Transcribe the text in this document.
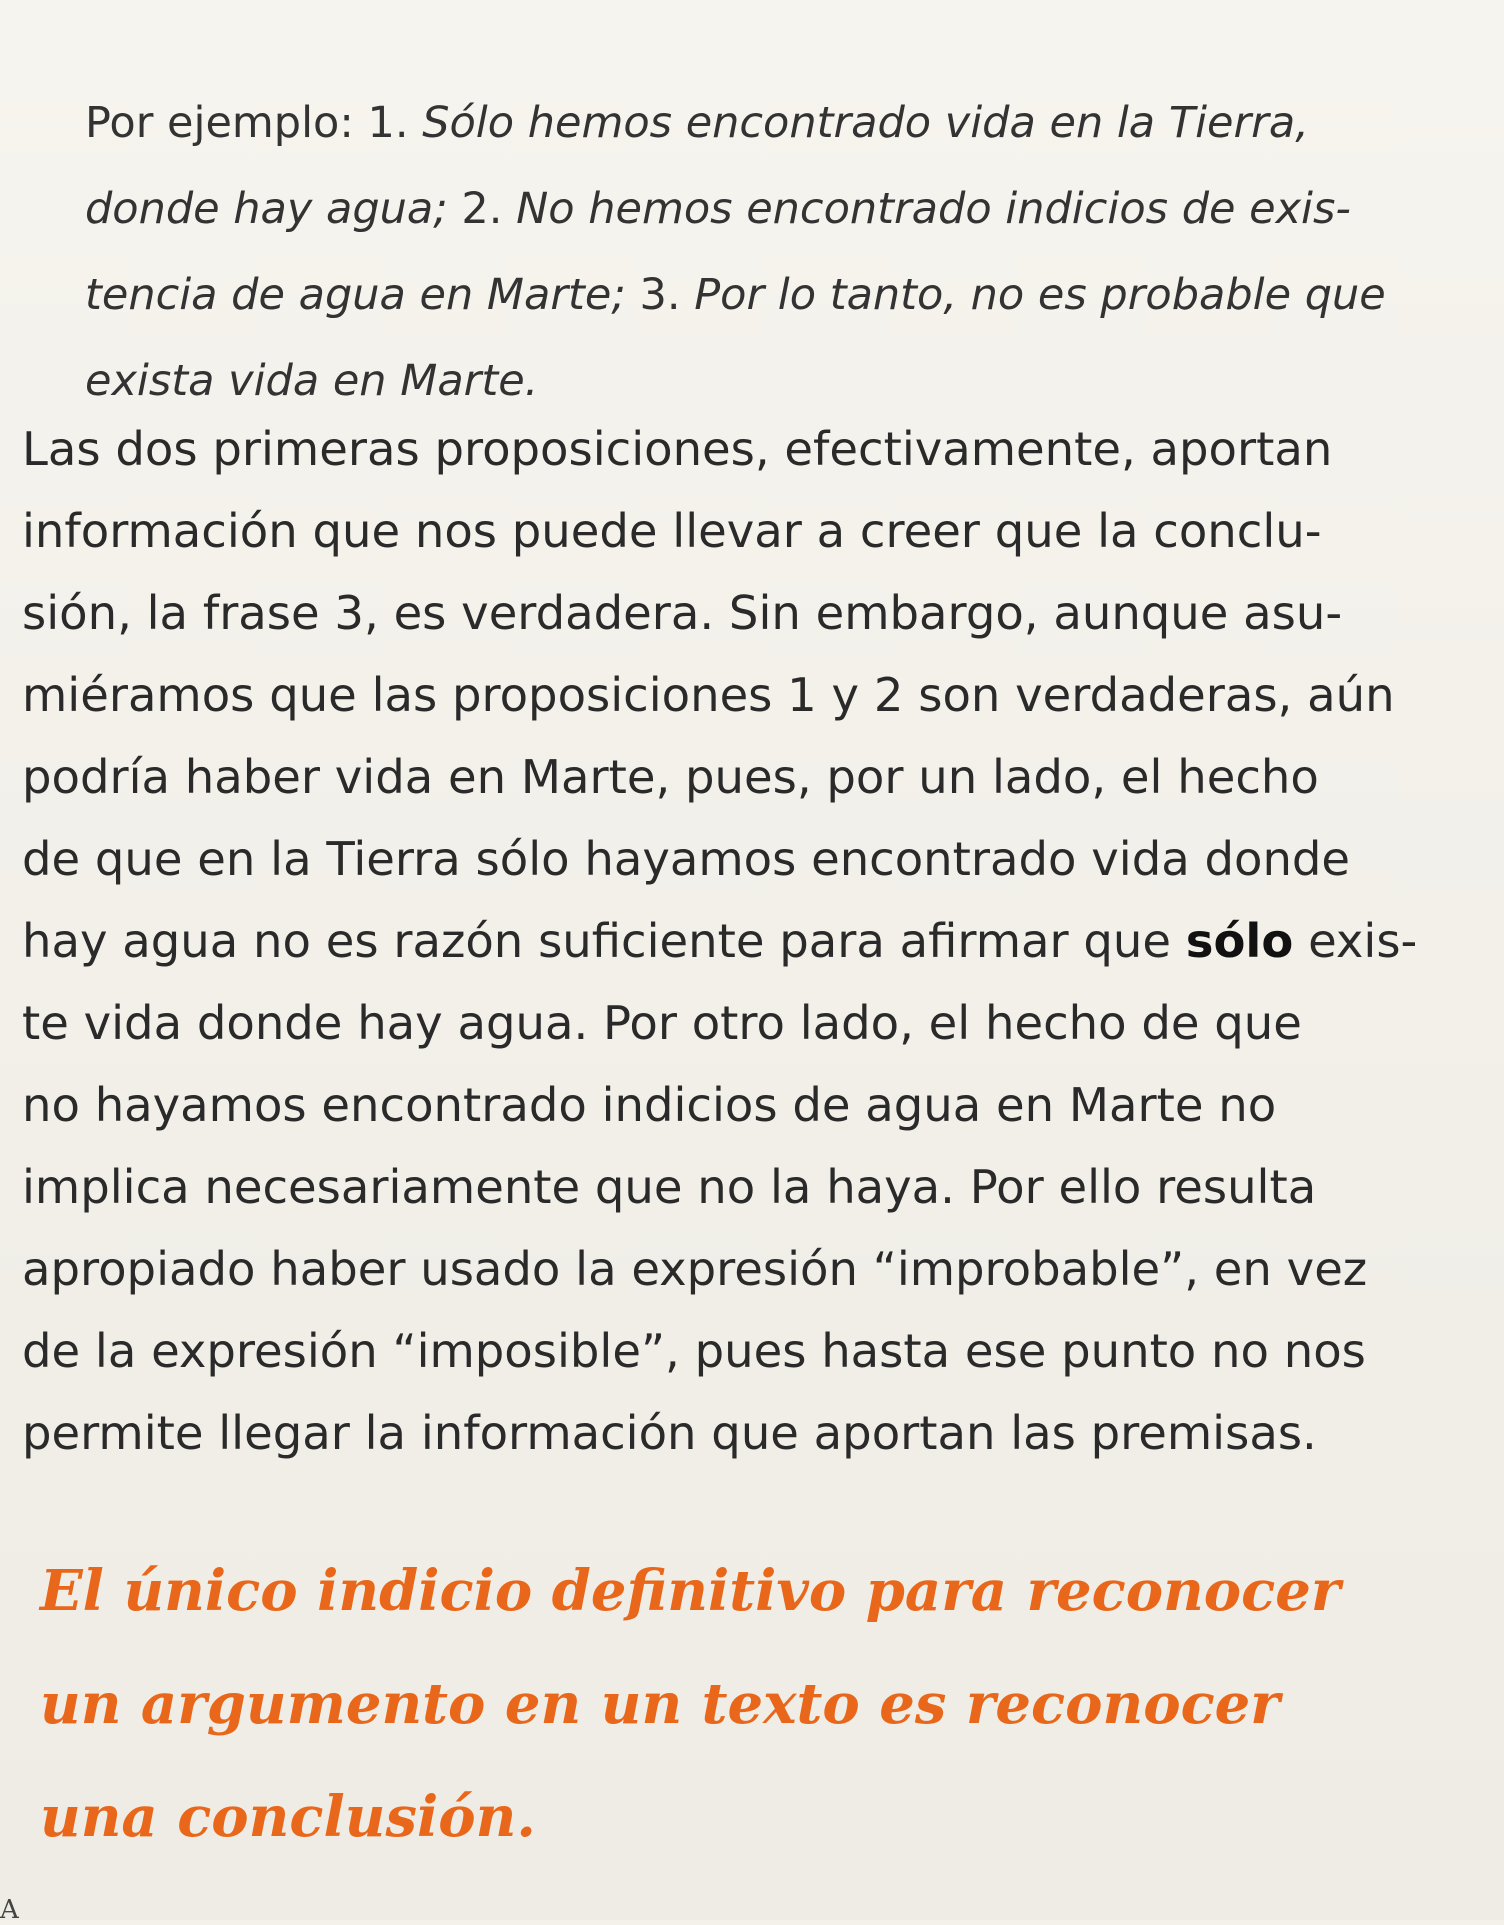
Por ejemplo: 1. Sólo hemos encontrado vida en la Tierra,
donde hay agua; 2. No hemos encontrado indicios de exis-
tencia de agua en Marte; 3. Por lo tanto, no es probable que
exista vida en Marte.
Las dos primeras proposiciones, efectivamente, aportan
información que nos puede llevar a creer que la conclu-
sión, la frase 3, es verdadera. Sin embargo, aunque asu-
miéramos que las proposiciones 1 y 2 son verdaderas, aún
podría haber vida en Marte, pues, por un lado, el hecho
de que en la Tierra sólo hayamos encontrado vida donde
hay agua no es razón suficiente para afirmar que sólo exis-
te vida donde hay agua. Por otro lado, el hecho de que
no hayamos encontrado indicios de agua en Marte no
implica necesariamente que no la haya. Por ello resulta
apropiado haber usado la expresión “improbable”, en vez
de la expresión “imposible”, pues hasta ese punto no nos
permite llegar la información que aportan las premisas.
El único indicio definitivo para reconocer
un argumento en un texto es reconocer
una conclusión.
A
